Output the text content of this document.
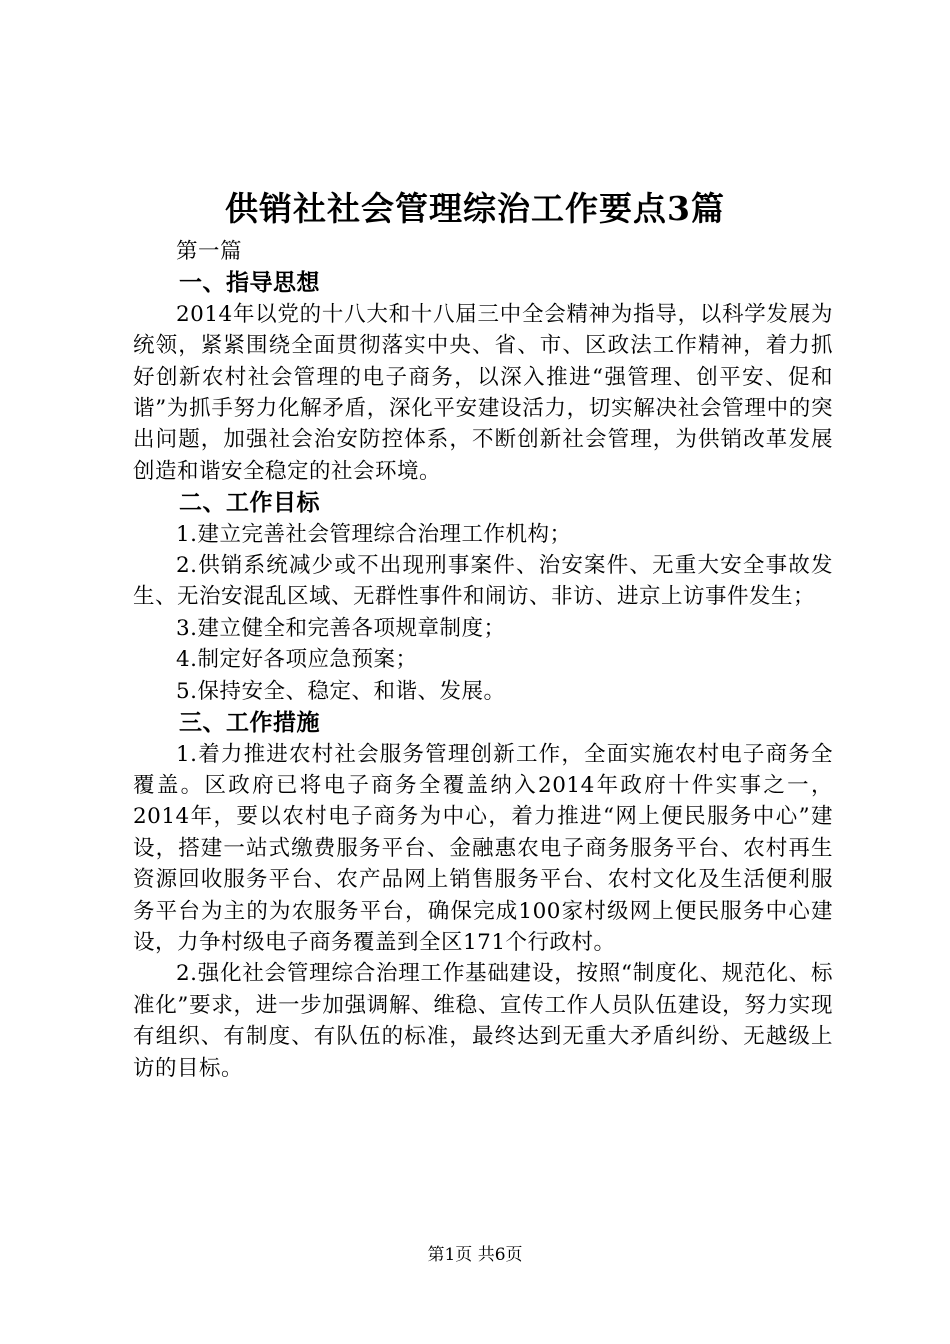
供销社社会管理综治工作要点3篇

第一篇

一、指导思想

2014年以党的十八大和十八届三中全会精神为指导，以科学发展为统领，紧紧围绕全面贯彻落实中央、省、市、区政法工作精神，着力抓好创新农村社会管理的电子商务，以深入推进“强管理、创平安、促和谐”为抓手努力化解矛盾，深化平安建设活力，切实解决社会管理中的突出问题，加强社会治安防控体系，不断创新社会管理，为供销改革发展创造和谐安全稳定的社会环境。

二、工作目标

1.建立完善社会管理综合治理工作机构；

2.供销系统减少或不出现刑事案件、治安案件、无重大安全事故发生、无治安混乱区域、无群性事件和闹访、非访、进京上访事件发生；

3.建立健全和完善各项规章制度；

4.制定好各项应急预案；

5.保持安全、稳定、和谐、发展。

三、工作措施

1.着力推进农村社会服务管理创新工作，全面实施农村电子商务全覆盖。区政府已将电子商务全覆盖纳入2014年政府十件实事之一，2014年，要以农村电子商务为中心，着力推进“网上便民服务中心”建设，搭建一站式缴费服务平台、金融惠农电子商务服务平台、农村再生资源回收服务平台、农产品网上销售服务平台、农村文化及生活便利服务平台为主的为农服务平台，确保完成100家村级网上便民服务中心建设，力争村级电子商务覆盖到全区171个行政村。

2.强化社会管理综合治理工作基础建设，按照“制度化、规范化、标准化”要求，进一步加强调解、维稳、宣传工作人员队伍建设，努力实现有组织、有制度、有队伍的标准，最终达到无重大矛盾纠纷、无越级上访的目标。

第1页 共6页
